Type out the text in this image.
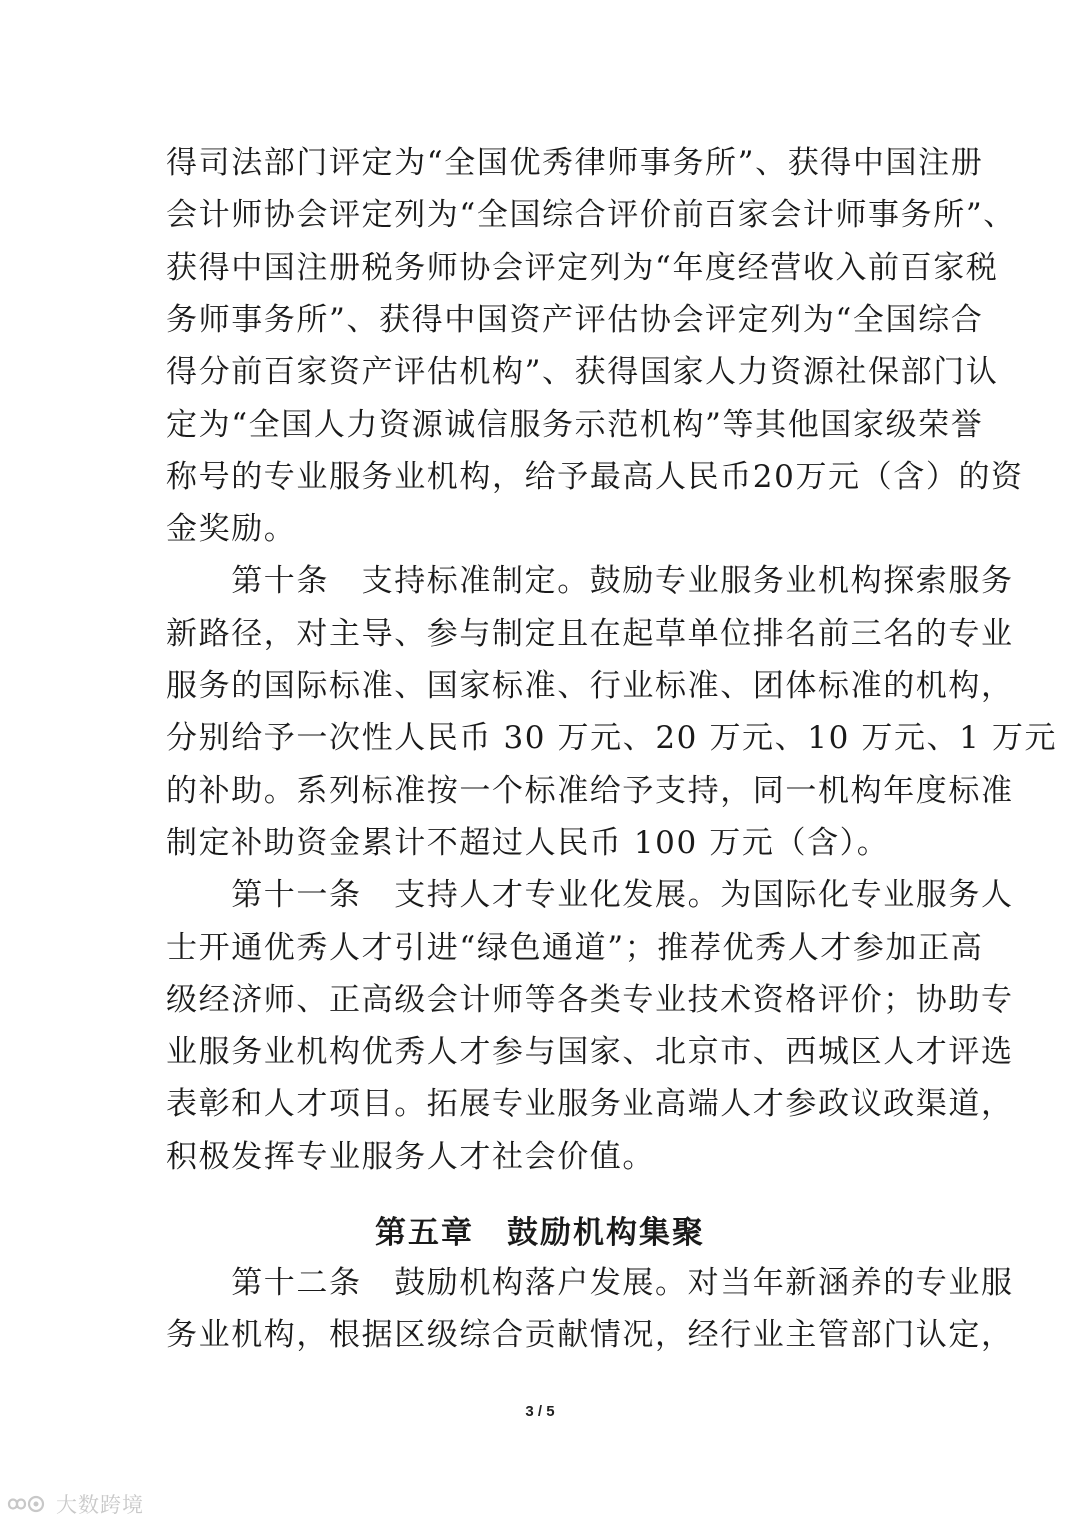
得司法部门评定为“全国优秀律师事务所”、获得中国注册
会计师协会评定列为“全国综合评价前百家会计师事务所”、
获得中国注册税务师协会评定列为“年度经营收入前百家税
务师事务所”、获得中国资产评估协会评定列为“全国综合
得分前百家资产评估机构”、获得国家人力资源社保部门认
定为“全国人力资源诚信服务示范机构”等其他国家级荣誉
称号的专业服务业机构，给予最高人民币20万元（含）的资
金奖励。
　　第十条　支持标准制定。鼓励专业服务业机构探索服务
新路径，对主导、参与制定且在起草单位排名前三名的专业
服务的国际标准、国家标准、行业标准、团体标准的机构，
分别给予一次性人民币 30 万元、20 万元、10 万元、1 万元
的补助。系列标准按一个标准给予支持，同一机构年度标准
制定补助资金累计不超过人民币 100 万元（含）。
　　第十一条　支持人才专业化发展。为国际化专业服务人
士开通优秀人才引进“绿色通道”；推荐优秀人才参加正高
级经济师、正高级会计师等各类专业技术资格评价；协助专
业服务业机构优秀人才参与国家、北京市、西城区人才评选
表彰和人才项目。拓展专业服务业高端人才参政议政渠道，
积极发挥专业服务人才社会价值。
第五章　鼓励机构集聚
　　第十二条　鼓励机构落户发展。对当年新涵养的专业服
务业机构，根据区级综合贡献情况，经行业主管部门认定，
3 / 5
大数跨境
